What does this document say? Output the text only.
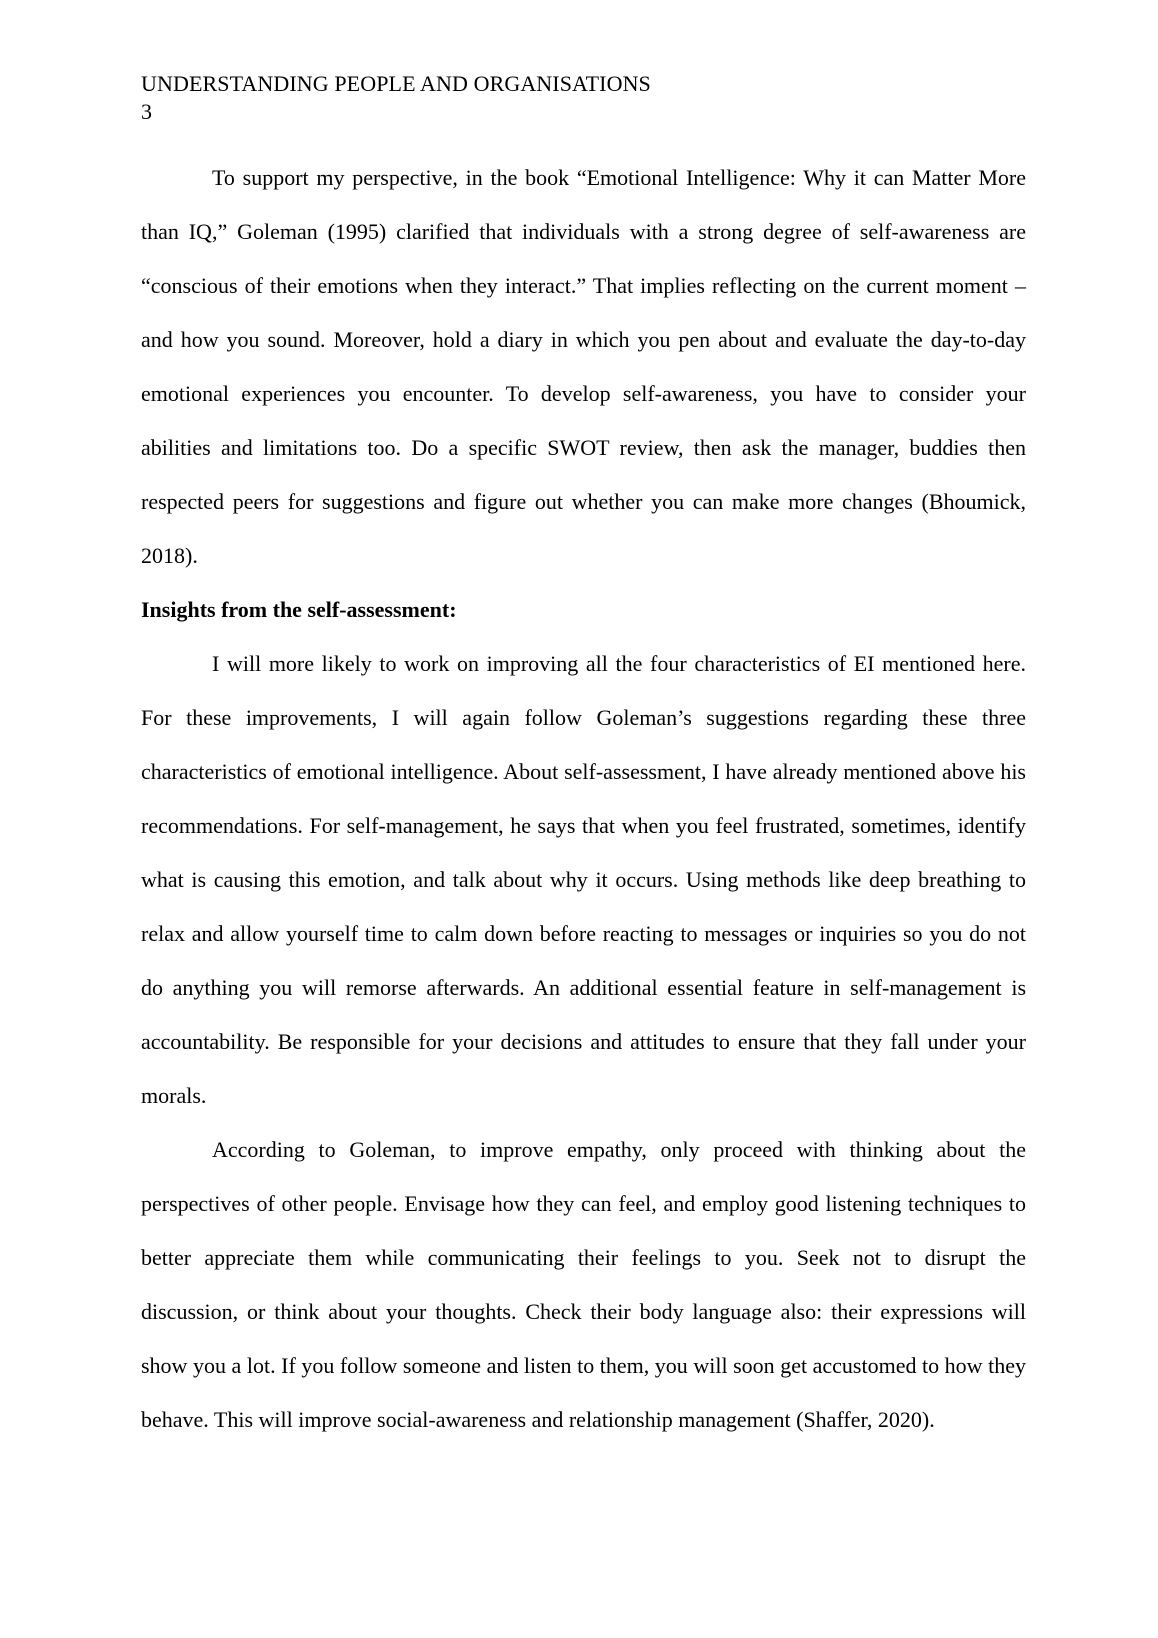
UNDERSTANDING PEOPLE AND ORGANISATIONS
3

To support my perspective, in the book “Emotional Intelligence: Why it can Matter More than IQ,” Goleman (1995) clarified that individuals with a strong degree of self-awareness are “conscious of their emotions when they interact.” That implies reflecting on the current moment – and how you sound. Moreover, hold a diary in which you pen about and evaluate the day-to-day emotional experiences you encounter. To develop self-awareness, you have to consider your abilities and limitations too. Do a specific SWOT review, then ask the manager, buddies then respected peers for suggestions and figure out whether you can make more changes (Bhoumick, 2018).

Insights from the self-assessment:

I will more likely to work on improving all the four characteristics of EI mentioned here. For these improvements, I will again follow Goleman’s suggestions regarding these three characteristics of emotional intelligence. About self-assessment, I have already mentioned above his recommendations. For self-management, he says that when you feel frustrated, sometimes, identify what is causing this emotion, and talk about why it occurs. Using methods like deep breathing to relax and allow yourself time to calm down before reacting to messages or inquiries so you do not do anything you will remorse afterwards. An additional essential feature in self-management is accountability. Be responsible for your decisions and attitudes to ensure that they fall under your morals.

According to Goleman, to improve empathy, only proceed with thinking about the perspectives of other people. Envisage how they can feel, and employ good listening techniques to better appreciate them while communicating their feelings to you. Seek not to disrupt the discussion, or think about your thoughts. Check their body language also: their expressions will show you a lot. If you follow someone and listen to them, you will soon get accustomed to how they behave. This will improve social-awareness and relationship management (Shaffer, 2020).
